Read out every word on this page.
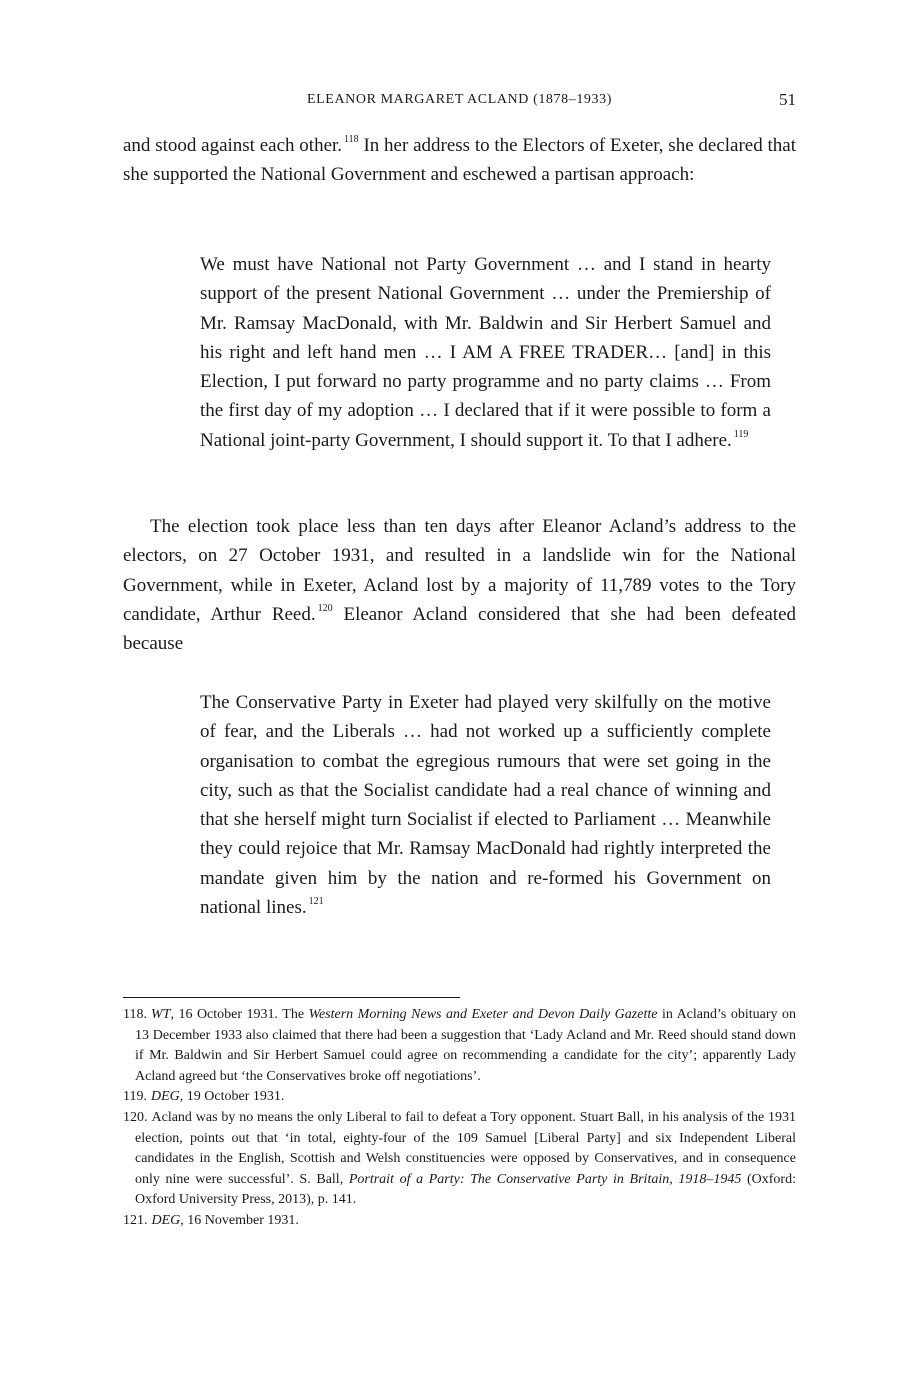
ELEANOR MARGARET ACLAND (1878–1933)	51

and stood against each other. $^{118}$ In her address to the Electors of Exeter, she declared that she supported the National Government and eschewed a partisan approach:

We must have National not Party Government … and I stand in hearty support of the present National Government … under the Premiership of Mr. Ramsay MacDonald, with Mr. Baldwin and Sir Herbert Samuel and his right and left hand men … I AM A FREE TRADER… [and] in this Election, I put forward no party programme and no party claims … From the first day of my adoption … I declared that if it were possible to form a National joint-party Government, I should support it. To that I adhere. $^{119}$

The election took place less than ten days after Eleanor Acland’s address to the electors, on 27 October 1931, and resulted in a landslide win for the National Government, while in Exeter, Acland lost by a majority of 11,789 votes to the Tory candidate, Arthur Reed. $^{120}$ Eleanor Acland considered that she had been defeated because

The Conservative Party in Exeter had played very skilfully on the motive of fear, and the Liberals … had not worked up a sufficiently complete organisation to combat the egregious rumours that were set going in the city, such as that the Socialist candidate had a real chance of winning and that she herself might turn Socialist if elected to Parliament … Meanwhile they could rejoice that Mr. Ramsay MacDonald had rightly interpreted the mandate given him by the nation and re-formed his Government on national lines. $^{121}$

118. WT, 16 October 1931. The Western Morning News and Exeter and Devon Daily Gazette in Acland’s obituary on 13 December 1933 also claimed that there had been a suggestion that ‘Lady Acland and Mr. Reed should stand down if Mr. Baldwin and Sir Herbert Samuel could agree on recommending a candidate for the city’; apparently Lady Acland agreed but ‘the Conservatives broke off negotiations’.

119. DEG, 19 October 1931.

120. Acland was by no means the only Liberal to fail to defeat a Tory opponent. Stuart Ball, in his analysis of the 1931 election, points out that ‘in total, eighty-four of the 109 Samuel [Liberal Party] and six Independent Liberal candidates in the English, Scottish and Welsh constituencies were opposed by Conservatives, and in consequence only nine were successful’. S. Ball, Portrait of a Party: The Conservative Party in Britain, 1918–1945 (Oxford: Oxford University Press, 2013), p. 141.

121. DEG, 16 November 1931.
